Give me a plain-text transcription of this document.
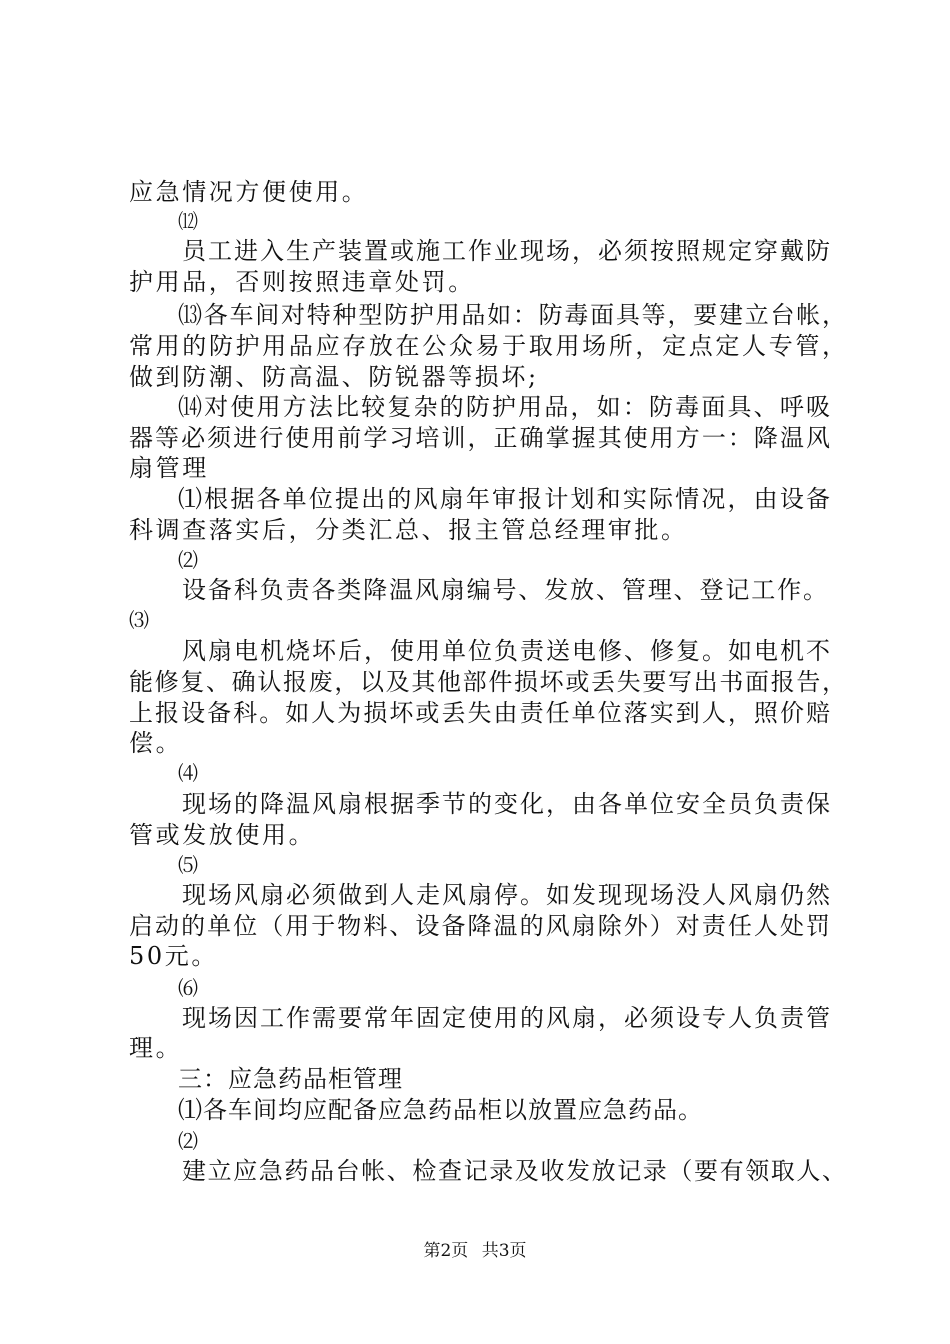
应急情况方便使用。
⑿
员工进入生产装置或施工作业现场，必须按照规定穿戴防
护用品，否则按照违章处罚。
⒀各车间对特种型防护用品如：防毒面具等，要建立台帐，
常用的防护用品应存放在公众易于取用场所，定点定人专管，
做到防潮、防高温、防锐器等损坏;
⒁对使用方法比较复杂的防护用品，如：防毒面具、呼吸
器等必须进行使用前学习培训，正确掌握其使用方一：降温风
扇管理
⑴根据各单位提出的风扇年审报计划和实际情况，由设备
科调查落实后，分类汇总、报主管总经理审批。
⑵
设备科负责各类降温风扇编号、发放、管理、登记工作。
⑶
风扇电机烧坏后，使用单位负责送电修、修复。如电机不
能修复、确认报废，以及其他部件损坏或丢失要写出书面报告，
上报设备科。如人为损坏或丢失由责任单位落实到人，照价赔
偿。
⑷
现场的降温风扇根据季节的变化，由各单位安全员负责保
管或发放使用。
⑸
现场风扇必须做到人走风扇停。如发现现场没人风扇仍然
启动的单位（用于物料、设备降温的风扇除外）对责任人处罚
50元。
⑹
现场因工作需要常年固定使用的风扇，必须设专人负责管
理。
三：应急药品柜管理
⑴各车间均应配备应急药品柜以放置应急药品。
⑵
建立应急药品台帐、检查记录及收发放记录（要有领取人、
第2页 共3页
